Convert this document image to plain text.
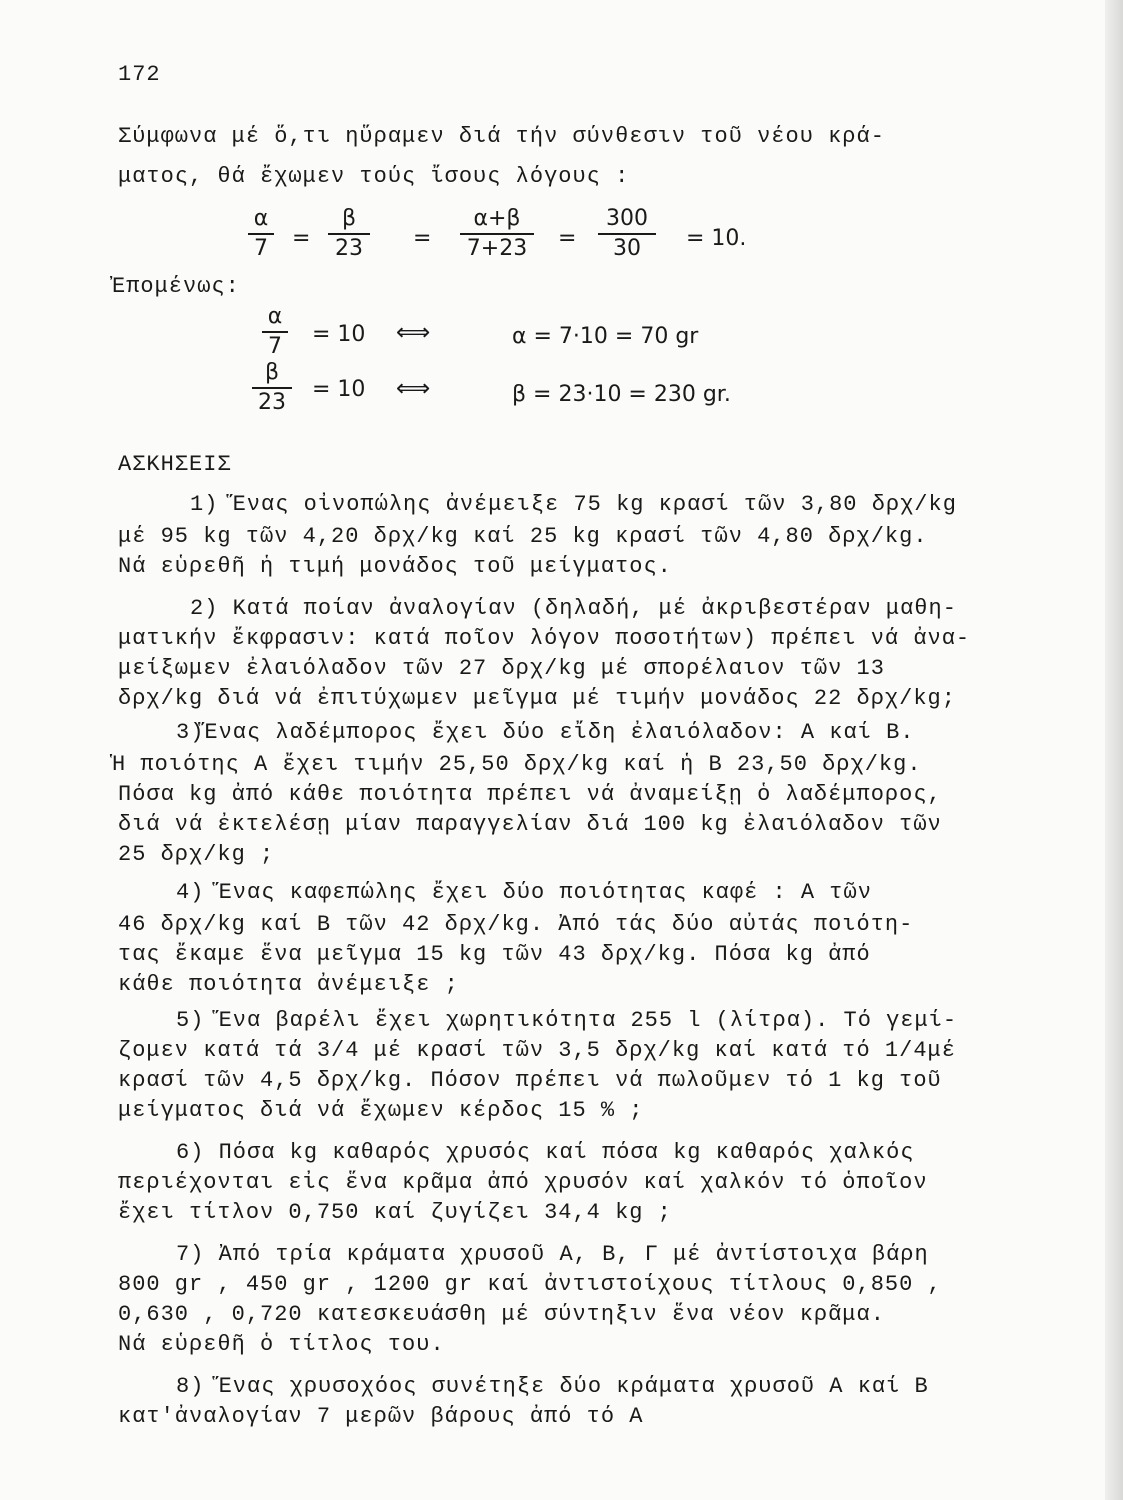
172
Σύμφωνα μέ ὅ,τι ηὕραμεν διά τήν σύνθεσιν τοῦ νέου κρά-
ματος, θά ἔχωμεν τούς ἴσους λόγους :
α
7 =
β
23	=
α+β
7+23	=
300
30	= 10.
Ἐπομένως:
α
7 = 10 ⟺	α = 7·10 = 70 gr
β
23
= 10 ⟺	β = 23·10 = 230 gr.
ΑΣΚΗΣΕΙΣ
1) Ἕνας οἰνοπώλης ἀνέμειξε 75 kg κρασί τῶν 3,80 δρχ/kg
μέ 95 kg τῶν 4,20 δρχ/kg καί 25 kg κρασί τῶν 4,80 δρχ/kg.
Νά εὑρεθῆ ἡ τιμή μονάδος τοῦ μείγματος.
2) Κατά ποίαν ἀναλογίαν (δηλαδή, μέ ἀκριβεστέραν μαθη-
ματικήν ἔκφρασιν: κατά ποῖον λόγον ποσοτήτων) πρέπει νά ἀνα-
μείξωμεν ἐλαιόλαδον τῶν 27 δρχ/kg μέ σπορέλαιον τῶν 13
δρχ/kg διά νά ἐπιτύχωμεν μεῖγμα μέ τιμήν μονάδος 22 δρχ/kg;
3)Ἕνας λαδέμπορος ἔχει δύο εἴδη ἐλαιόλαδον: Α καί Β.
Ἡ ποιότης Α ἔχει τιμήν 25,50 δρχ/kg καί ἡ Β 23,50 δρχ/kg.
Πόσα kg ἀπό κάθε ποιότητα πρέπει νά ἀναμείξῃ ὁ λαδέμπορος,
διά νά ἐκτελέσῃ μίαν παραγγελίαν διά 100 kg ἐλαιόλαδον τῶν
25 δρχ/kg ;
4) Ἕνας καφεπώλης ἔχει δύο ποιότητας καφέ : Α τῶν
46 δρχ/kg καί Β τῶν 42 δρχ/kg. Ἀπό τάς δύο αὐτάς ποιότη-
τας ἔκαμε ἕνα μεῖγμα 15 kg τῶν 43 δρχ/kg. Πόσα kg ἀπό
κάθε ποιότητα ἀνέμειξε ;
5) Ἕνα βαρέλι ἔχει χωρητικότητα 255 l (λίτρα). Τό γεμί-
ζομεν κατά τά 3/4 μέ κρασί τῶν 3,5 δρχ/kg καί κατά τό 1/4μέ
κρασί τῶν 4,5 δρχ/kg. Πόσον πρέπει νά πωλοῦμεν τό 1 kg τοῦ
μείγματος διά νά ἔχωμεν κέρδος 15 % ;
6) Πόσα kg καθαρός χρυσός καί πόσα kg καθαρός χαλκός
περιέχονται εἰς ἕνα κρᾶμα ἀπό χρυσόν καί χαλκόν τό ὁποῖον
ἔχει τίτλον 0,750 καί ζυγίζει 34,4 kg ;
7) Ἀπό τρία κράματα χρυσοῦ Α, Β, Γ μέ ἀντίστοιχα βάρη
800 gr , 450 gr , 1200 gr καί ἀντιστοίχους τίτλους 0,850 ,
0,630 , 0,720 κατεσκευάσθη μέ σύντηξιν ἕνα νέον κρᾶμα.
Νά εὑρεθῆ ὁ τίτλος του.
8) Ἕνας χρυσοχόος συνέτηξε δύο κράματα χρυσοῦ Α καί Β
κατ'ἀναλογίαν 7 μερῶν βάρους ἀπό τό Α
